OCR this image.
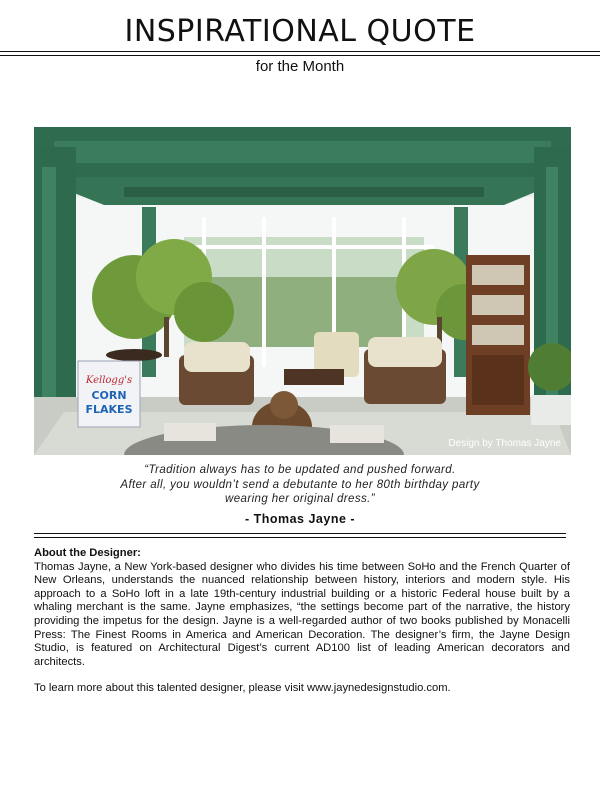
INSPIRATIONAL QUOTE
for the Month
Kellogg's
CORN
FLAKES
Design by Thomas Jayne
“Tradition always has to be updated and pushed forward.
After all, you wouldn’t send a debutante to her 80th birthday party
wearing her original dress.”
- Thomas Jayne -
About the Designer:
Thomas Jayne, a New York-based designer who divides his time between SoHo and the French Quarter of New Orleans, understands the nuanced relationship between history, interiors and modern style. His approach to a SoHo loft in a late 19th-century industrial building or a historic Federal house built by a whaling merchant is the same. Jayne emphasizes, “the settings become part of the narrative, the history providing the impetus for the design. Jayne is a well-regarded author of two books published by Monacelli Press: The Finest Rooms in America and American Decoration. The designer’s firm, the Jayne Design Studio, is featured on Architectural Digest’s current AD100 list of leading American decorators and architects.
To learn more about this talented designer, please visit www.jaynedesignstudio.com.
